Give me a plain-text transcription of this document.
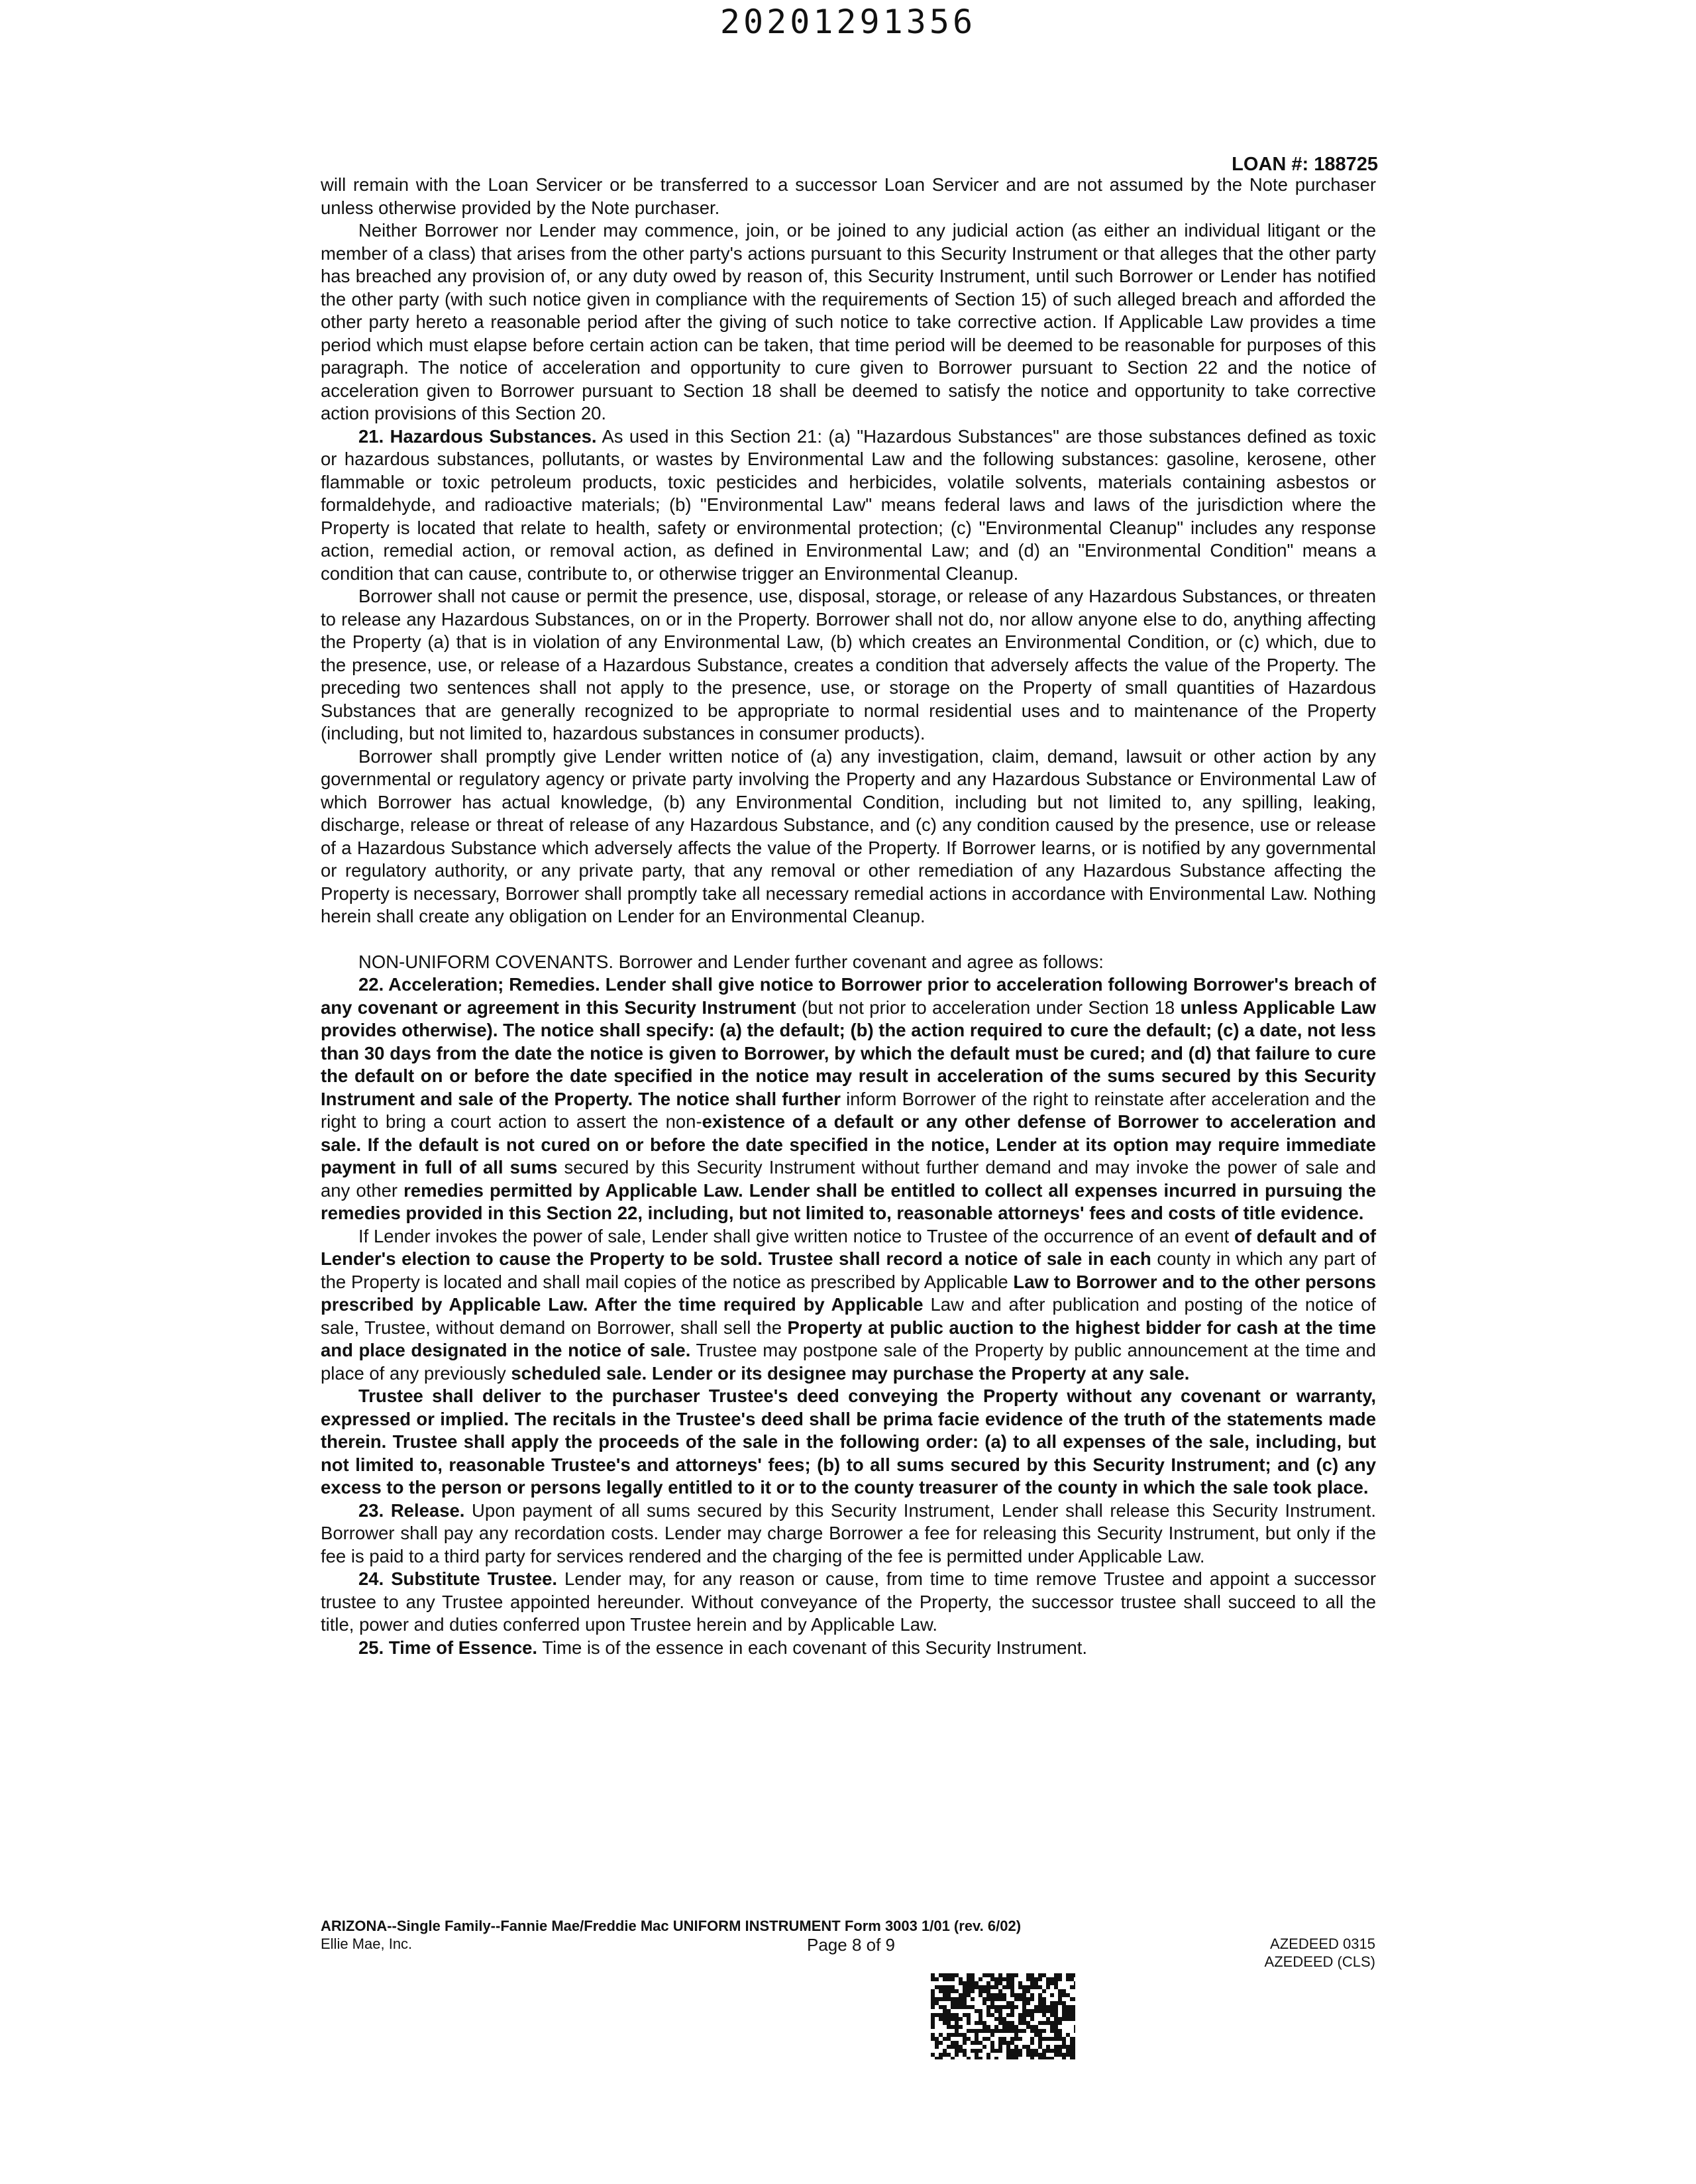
20201291356
LOAN #: 188725

will remain with the Loan Servicer or be transferred to a successor Loan Servicer and are not assumed by the Note purchaser unless otherwise provided by the Note purchaser.

Neither Borrower nor Lender may commence, join, or be joined to any judicial action (as either an individual litigant or the member of a class) that arises from the other party's actions pursuant to this Security Instrument or that alleges that the other party has breached any provision of, or any duty owed by reason of, this Security Instrument, until such Borrower or Lender has notified the other party (with such notice given in compliance with the requirements of Section 15) of such alleged breach and afforded the other party hereto a reasonable period after the giving of such notice to take corrective action. If Applicable Law provides a time period which must elapse before certain action can be taken, that time period will be deemed to be reasonable for purposes of this paragraph. The notice of acceleration and opportunity to cure given to Borrower pursuant to Section 22 and the notice of acceleration given to Borrower pursuant to Section 18 shall be deemed to satisfy the notice and opportunity to take corrective action provisions of this Section 20.

21. Hazardous Substances. As used in this Section 21: (a) "Hazardous Substances" are those substances defined as toxic or hazardous substances, pollutants, or wastes by Environmental Law and the following substances: gasoline, kerosene, other flammable or toxic petroleum products, toxic pesticides and herbicides, volatile solvents, materials containing asbestos or formaldehyde, and radioactive materials; (b) "Environmental Law" means federal laws and laws of the jurisdiction where the Property is located that relate to health, safety or environmental protection; (c) "Environmental Cleanup" includes any response action, remedial action, or removal action, as defined in Environmental Law; and (d) an "Environmental Condition" means a condition that can cause, contribute to, or otherwise trigger an Environmental Cleanup.

Borrower shall not cause or permit the presence, use, disposal, storage, or release of any Hazardous Substances, or threaten to release any Hazardous Substances, on or in the Property. Borrower shall not do, nor allow anyone else to do, anything affecting the Property (a) that is in violation of any Environmental Law, (b) which creates an Environmental Condition, or (c) which, due to the presence, use, or release of a Hazardous Substance, creates a condition that adversely affects the value of the Property. The preceding two sentences shall not apply to the presence, use, or storage on the Property of small quantities of Hazardous Substances that are generally recognized to be appropriate to normal residential uses and to maintenance of the Property (including, but not limited to, hazardous substances in consumer products).

Borrower shall promptly give Lender written notice of (a) any investigation, claim, demand, lawsuit or other action by any governmental or regulatory agency or private party involving the Property and any Hazardous Substance or Environmental Law of which Borrower has actual knowledge, (b) any Environmental Condition, including but not limited to, any spilling, leaking, discharge, release or threat of release of any Hazardous Substance, and (c) any condition caused by the presence, use or release of a Hazardous Substance which adversely affects the value of the Property. If Borrower learns, or is notified by any governmental or regulatory authority, or any private party, that any removal or other remediation of any Hazardous Substance affecting the Property is necessary, Borrower shall promptly take all necessary remedial actions in accordance with Environmental Law. Nothing herein shall create any obligation on Lender for an Environmental Cleanup.

NON-UNIFORM COVENANTS. Borrower and Lender further covenant and agree as follows:

22. Acceleration; Remedies. Lender shall give notice to Borrower prior to acceleration following Borrower's breach of any covenant or agreement in this Security Instrument (but not prior to acceleration under Section 18 unless Applicable Law provides otherwise). The notice shall specify: (a) the default; (b) the action required to cure the default; (c) a date, not less than 30 days from the date the notice is given to Borrower, by which the default must be cured; and (d) that failure to cure the default on or before the date specified in the notice may result in acceleration of the sums secured by this Security Instrument and sale of the Property. The notice shall further inform Borrower of the right to reinstate after acceleration and the right to bring a court action to assert the non-existence of a default or any other defense of Borrower to acceleration and sale. If the default is not cured on or before the date specified in the notice, Lender at its option may require immediate payment in full of all sums secured by this Security Instrument without further demand and may invoke the power of sale and any other remedies permitted by Applicable Law. Lender shall be entitled to collect all expenses incurred in pursuing the remedies provided in this Section 22, including, but not limited to, reasonable attorneys' fees and costs of title evidence.

If Lender invokes the power of sale, Lender shall give written notice to Trustee of the occurrence of an event of default and of Lender's election to cause the Property to be sold. Trustee shall record a notice of sale in each county in which any part of the Property is located and shall mail copies of the notice as prescribed by Applicable Law to Borrower and to the other persons prescribed by Applicable Law. After the time required by Applicable Law and after publication and posting of the notice of sale, Trustee, without demand on Borrower, shall sell the Property at public auction to the highest bidder for cash at the time and place designated in the notice of sale. Trustee may postpone sale of the Property by public announcement at the time and place of any previously scheduled sale. Lender or its designee may purchase the Property at any sale.

Trustee shall deliver to the purchaser Trustee's deed conveying the Property without any covenant or warranty, expressed or implied. The recitals in the Trustee's deed shall be prima facie evidence of the truth of the statements made therein. Trustee shall apply the proceeds of the sale in the following order: (a) to all expenses of the sale, including, but not limited to, reasonable Trustee's and attorneys' fees; (b) to all sums secured by this Security Instrument; and (c) any excess to the person or persons legally entitled to it or to the county treasurer of the county in which the sale took place.

23. Release. Upon payment of all sums secured by this Security Instrument, Lender shall release this Security Instrument. Borrower shall pay any recordation costs. Lender may charge Borrower a fee for releasing this Security Instrument, but only if the fee is paid to a third party for services rendered and the charging of the fee is permitted under Applicable Law.

24. Substitute Trustee. Lender may, for any reason or cause, from time to time remove Trustee and appoint a successor trustee to any Trustee appointed hereunder. Without conveyance of the Property, the successor trustee shall succeed to all the title, power and duties conferred upon Trustee herein and by Applicable Law.

25. Time of Essence. Time is of the essence in each covenant of this Security Instrument.

ARIZONA--Single Family--Fannie Mae/Freddie Mac UNIFORM INSTRUMENT Form 3003 1/01 (rev. 6/02)
Ellie Mae, Inc.	Page 8 of 9	AZEDEED 0315
AZEDEED (CLS)
